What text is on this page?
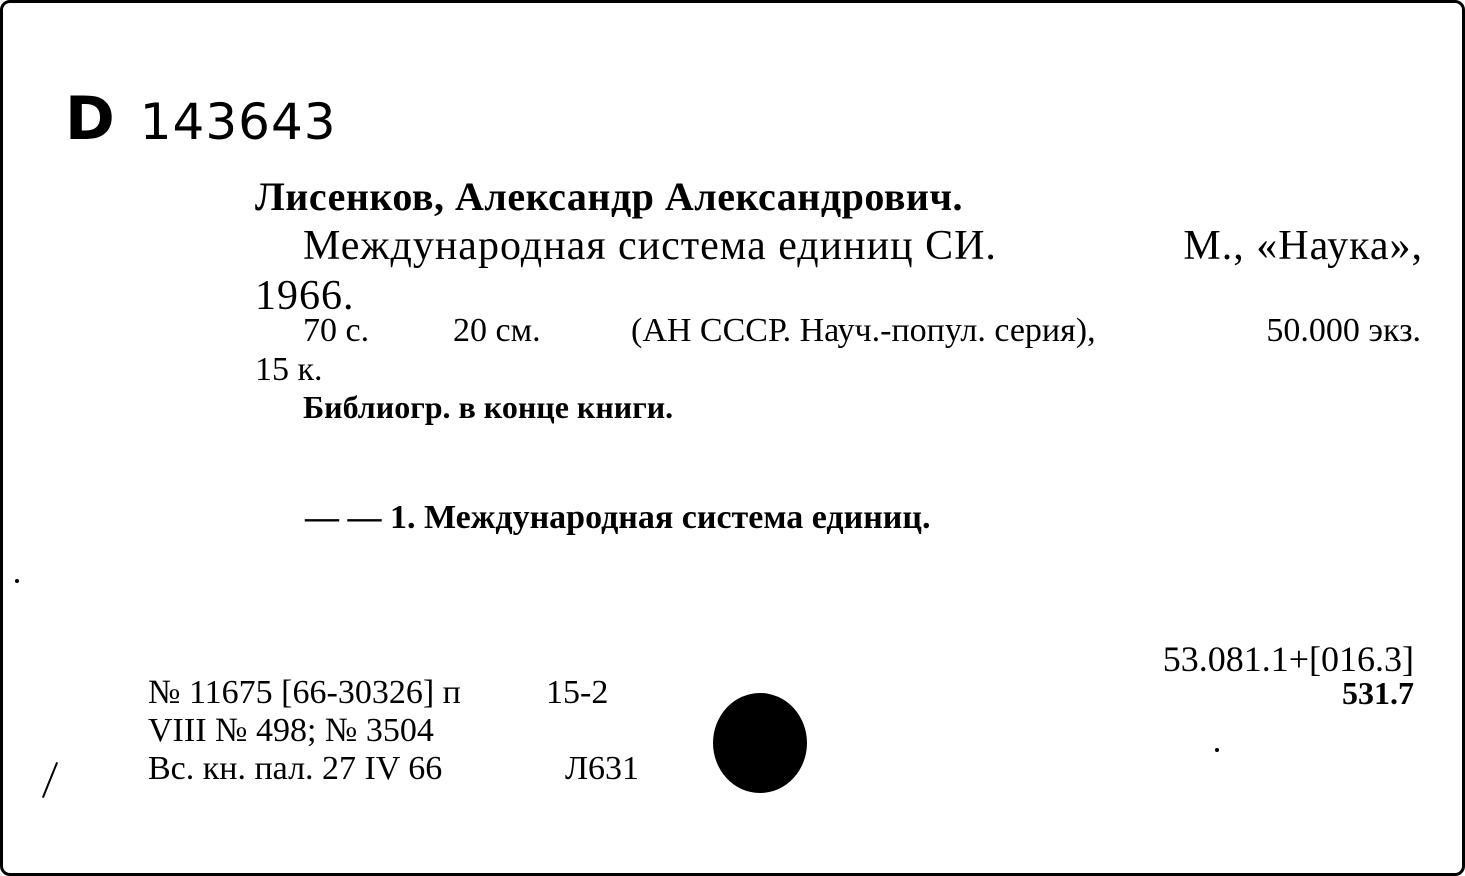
D 143643
Лисенков, Александр Александрович.
Международная система единиц СИ.	М., «Наука»,
1966.
70 с. 20 см.	(АН СССР. Науч.-попул. серия),	50.000 экз.
15 к.
Библиогр. в конце книги.
— — 1. Международная система единиц.
53.081.1+[016.3]
531.7
№ 11675 [66-30326] п	15-2
VIII № 498; № 3504
Вс. кн. пал. 27 IV 66	Л631
